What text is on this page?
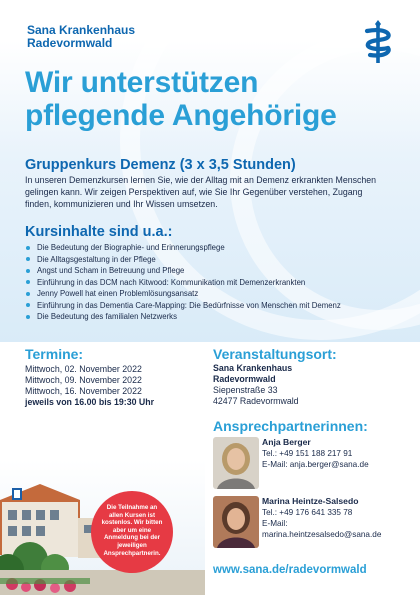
Sana Krankenhaus
Radevormwald
Wir unterstützen
pflegende Angehörige
Gruppenkurs Demenz (3 x 3,5 Stunden)
In unseren Demenzkursen lernen Sie, wie der Alltag mit an Demenz erkrankten Menschen gelingen kann. Wir zeigen Perspektiven auf, wie Sie Ihr Gegenüber verstehen, Zugang finden, kommunizieren und Ihr Wissen umsetzen.
Kursinhalte sind u.a.:
Die Bedeutung der Biographie- und Erinnerungspflege
Die Alltagsgestaltung in der Pflege
Angst und Scham in Betreuung und Pflege
Einführung in das DCM nach Kitwood: Kommunikation mit Demenzerkrankten
Jenny Powell hat einen Problemlösungsansatz
Einführung in das Dementia Care-Mapping: Die Bedürfnisse von Menschen mit Demenz
Die Bedeutung des familialen Netzwerks
Termine:
Mittwoch, 02. November 2022
Mittwoch, 09. November 2022
Mittwoch, 16. November 2022
jeweils von 16.00 bis 19:30 Uhr
Veranstaltungsort:
Sana Krankenhaus
Radevormwald
Siepenstraße 33
42477 Radevormwald
Ansprechpartnerinnen:
Anja Berger
Tel.: +49 151 188 217 91
E-Mail: anja.berger@sana.de
Marina Heintze-Salsedo
Tel.: +49 176 641 335 78
E-Mail:
marina.heintzesalsedo@sana.de
Die Teilnahme an allen Kursen ist kostenlos. Wir bitten aber um eine Anmeldung bei der jeweiligen Ansprechpartnerin.
www.sana.de/radevormwald
